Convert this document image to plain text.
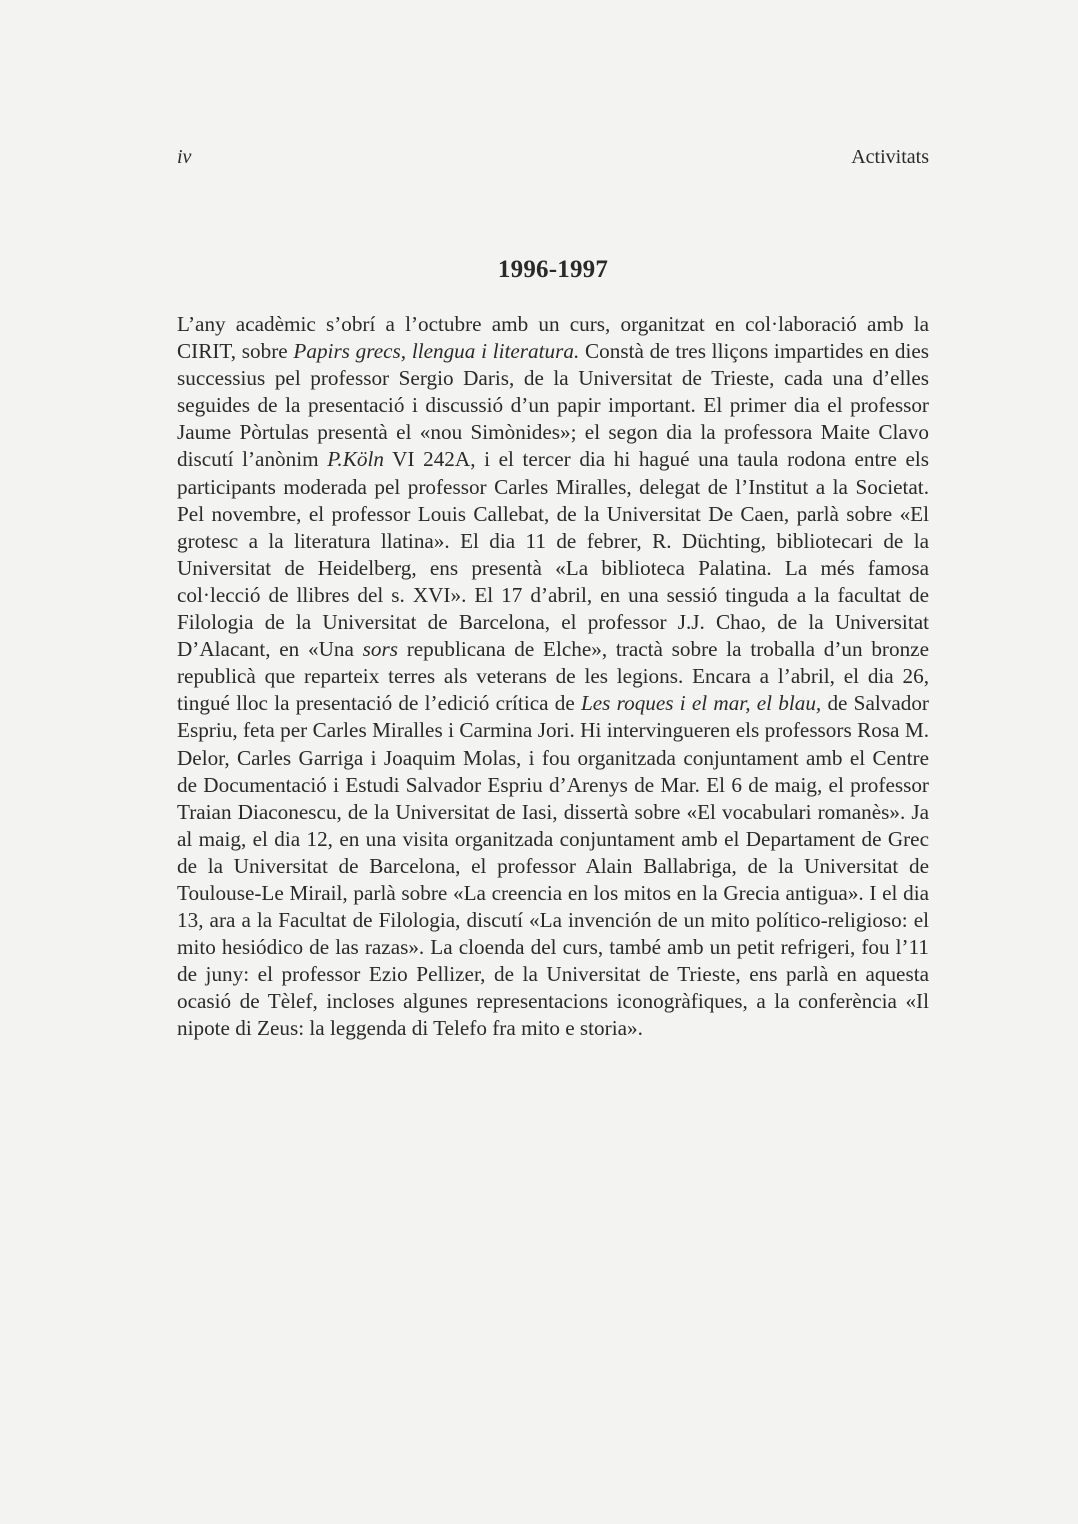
iv	Activitats
1996-1997

L’any acadèmic s’obrí a l’octubre amb un curs, organitzat en col·laboració amb la CIRIT, sobre Papirs grecs, llengua i literatura. Constà de tres lliçons impartides en dies successius pel professor Sergio Daris, de la Universitat de Trieste, cada una d’elles seguides de la presentació i discussió d’un papir important. El primer dia el professor Jaume Pòrtulas presentà el «nou Simònides»; el segon dia la professora Maite Clavo discutí l’anònim P.Köln VI 242A, i el tercer dia hi hagué una taula rodona entre els participants moderada pel professor Carles Miralles, delegat de l’Institut a la Societat. Pel novembre, el professor Louis Callebat, de la Universitat De Caen, parlà sobre «El grotesc a la literatura llatina». El dia 11 de febrer, R. Düchting, bibliotecari de la Universitat de Heidelberg, ens presentà «La biblioteca Palatina. La més famosa col·lecció de llibres del s. XVI». El 17 d’abril, en una sessió tinguda a la facultat de Filologia de la Universitat de Barcelona, el professor J.J. Chao, de la Universitat D’Alacant, en «Una sors republicana de Elche», tractà sobre la troballa d’un bronze republicà que reparteix terres als veterans de les legions. Encara a l’abril, el dia 26, tingué lloc la presentació de l’edició crítica de Les roques i el mar, el blau, de Salvador Espriu, feta per Carles Miralles i Carmina Jori. Hi intervingueren els professors Rosa M. Delor, Carles Garriga i Joaquim Molas, i fou organitzada conjuntament amb el Centre de Documentació i Estudi Salvador Espriu d’Arenys de Mar. El 6 de maig, el professor Traian Diaconescu, de la Universitat de Iasi, dissertà sobre «El vocabulari romanès». Ja al maig, el dia 12, en una visita organitzada conjuntament amb el Departament de Grec de la Universitat de Barcelona, el professor Alain Ballabriga, de la Universitat de Toulouse-Le Mirail, parlà sobre «La creencia en los mitos en la Grecia antigua». I el dia 13, ara a la Facultat de Filologia, discutí «La invención de un mito político-religioso: el mito hesiódico de las razas». La cloenda del curs, també amb un petit refrigeri, fou l’11 de juny: el professor Ezio Pellizer, de la Universitat de Trieste, ens parlà en aquesta ocasió de Tèlef, incloses algunes representacions iconogràfiques, a la conferència «Il nipote di Zeus: la leggenda di Telefo fra mito e storia».
